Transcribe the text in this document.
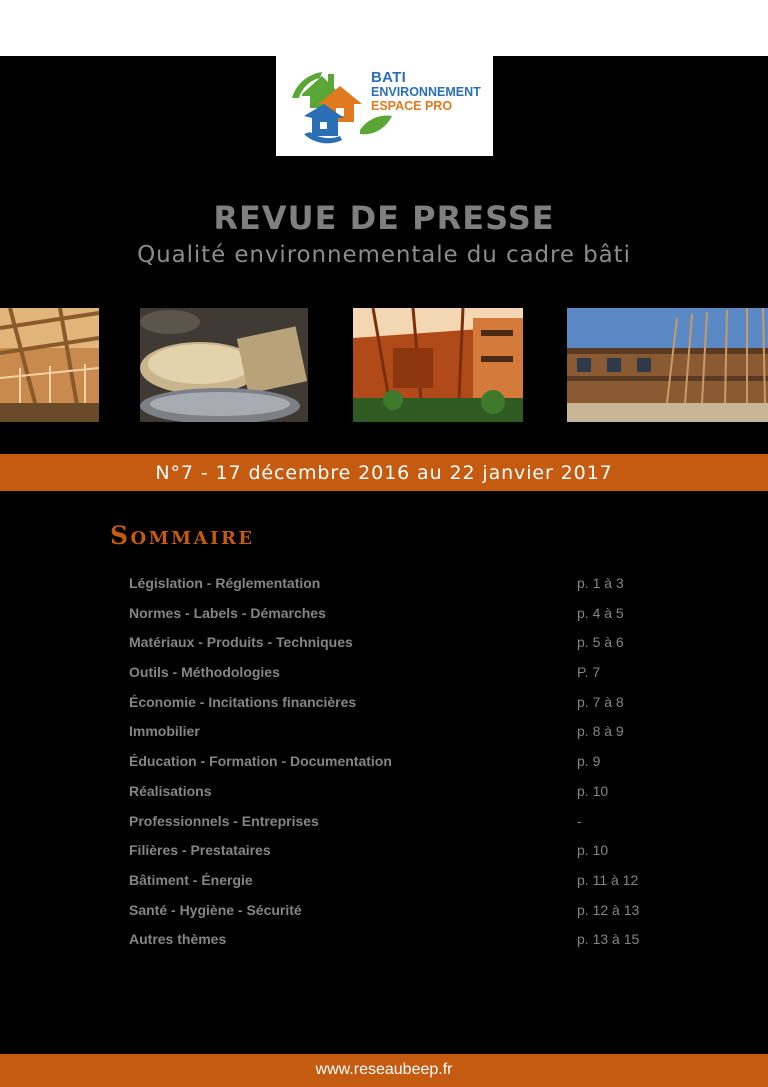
BATI
ENVIRONNEMENT
ESPACE PRO
REVUE DE PRESSE
Qualité environnementale du cadre bâti
N°7 - 17 décembre 2016 au 22 janvier 2017
Sommaire
Législation - Réglementation	p. 1 à 3
Normes - Labels - Démarches	p. 4 à 5
Matériaux - Produits - Techniques	p. 5 à 6
Outils - Méthodologies	P. 7
Économie - Incitations financières	p. 7 à 8
Immobilier	p. 8 à 9
Éducation - Formation - Documentation	p. 9
Réalisations	p. 10
Professionnels - Entreprises	-
Filières - Prestataires	p. 10
Bâtiment - Énergie	p. 11 à 12
Santé - Hygiène - Sécurité	p. 12 à 13
Autres thèmes	p. 13 à 15
www.reseaubeep.fr
